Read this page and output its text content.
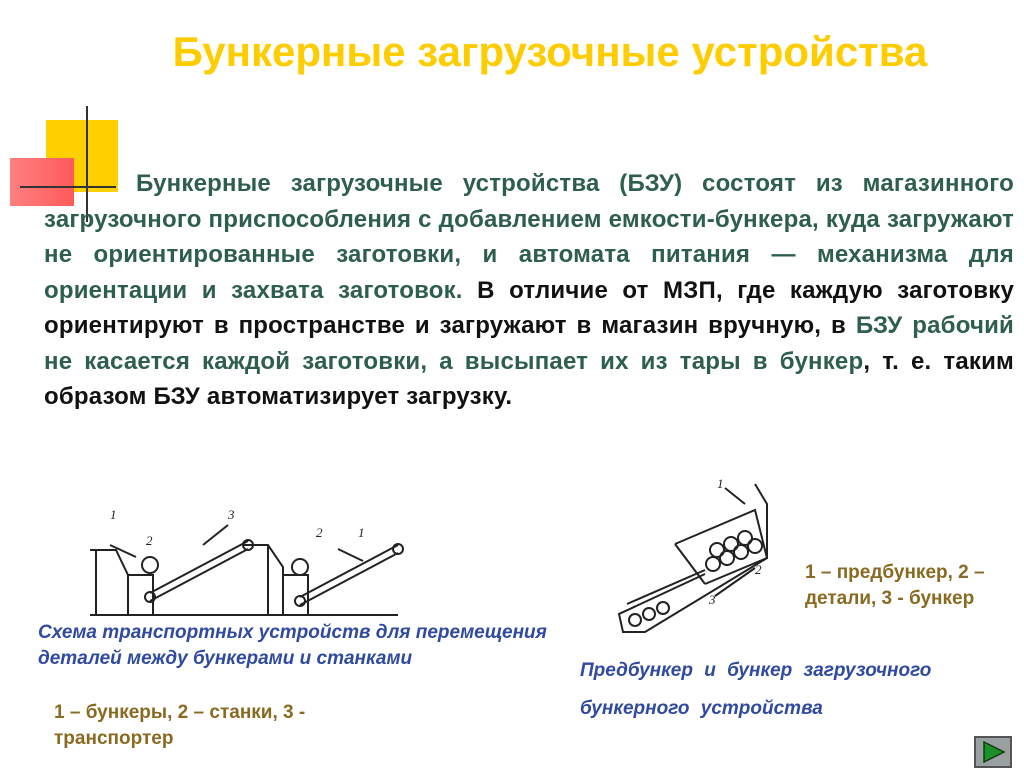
Бункерные загрузочные устройства
Бункерные загрузочные устройства (БЗУ) состоят из магазинного загрузочного приспособления с добавлением емкости-бункера, куда загружают не ориентированные заготовки, и автомата питания — механизма для ориентации и захвата заготовок. В отличие от МЗП, где каждую заготовку ориентируют в пространстве и загружают в магазин вручную, в БЗУ рабочий не касается каждой заготовки, а высыпает их из тары в бункер, т. е. таким образом БЗУ автоматизирует загрузку.
1	3
2	1
2
Схема транспортных устройств для перемещения деталей между бункерами и станками
1 – бункеры, 2 – станки, 3 - транспортер
1
2
3
1 – предбункер, 2 – детали, 3 - бункер
Предбункер и бункер загрузочного бункерного устройства
